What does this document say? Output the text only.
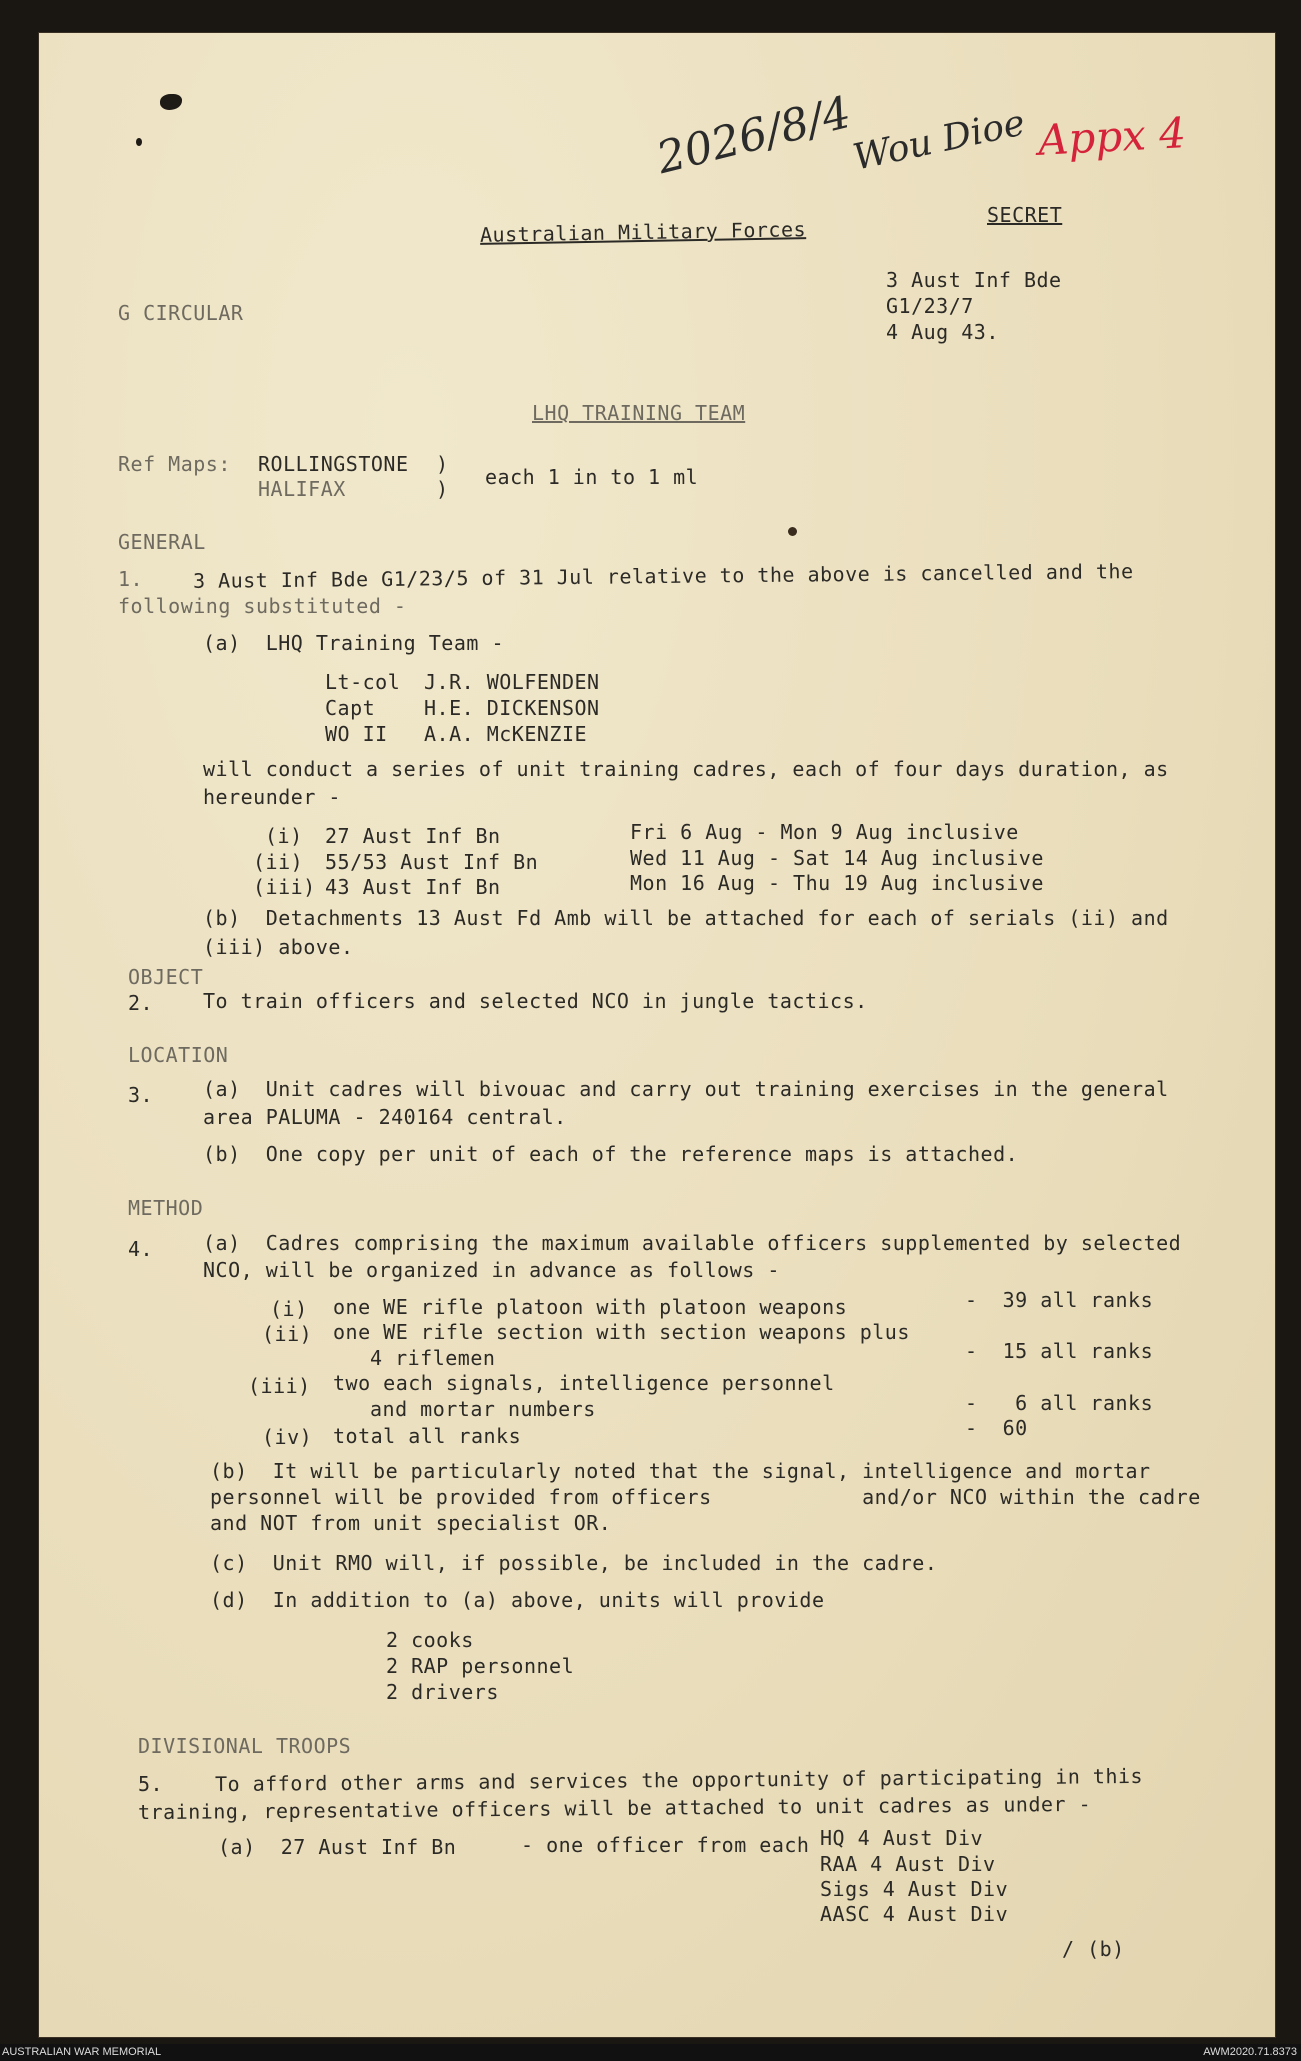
2026/8/4
Wou Dioe Appx 4
Australian Military Forces
SECRET
G CIRCULAR
3 Aust Inf Bde
G1/23/7
4 Aug 43.
LHQ TRAINING TEAM
Ref Maps: ROLLINGSTONE
HALIFAX
)
) each 1 in to 1 ml
GENERAL
1. 3 Aust Inf Bde G1/23/5 of 31 Jul relative to the above is cancelled and the
following substituted -
(a)  LHQ Training Team -
Lt-col J.R. WOLFENDEN
Capt H.E. DICKENSON
WO II A.A. McKENZIE
will conduct a series of unit training cadres, each of four days duration, as
hereunder -
(i) 27 Aust Inf Bn	Fri 6 Aug - Mon 9 Aug inclusive
(ii) 55/53 Aust Inf Bn	Wed 11 Aug - Sat 14 Aug inclusive
(iii) 43 Aust Inf Bn	Mon 16 Aug - Thu 19 Aug inclusive
(b)  Detachments 13 Aust Fd Amb will be attached for each of serials (ii) and
(iii) above.
OBJECT
2. To train officers and selected NCO in jungle tactics.
LOCATION
3. (a)  Unit cadres will bivouac and carry out training exercises in the general
area PALUMA - 240164 central.
(b)  One copy per unit of each of the reference maps is attached.
METHOD
4. (a)  Cadres comprising the maximum available officers supplemented by selected
NCO, will be organized in advance as follows -
(i) one WE rifle platoon with platoon weapons	-  39 all ranks
(ii) one WE rifle section with section weapons plus
4 riflemen	-  15 all ranks
(iii) two each signals, intelligence personnel
and mortar numbers	-   6 all ranks
(iv) total all ranks	-  60
(b)  It will be particularly noted that the signal, intelligence and mortar
personnel will be provided from officers            and/or NCO within the cadre
and NOT from unit specialist OR.
(c)  Unit RMO will, if possible, be included in the cadre.
(d)  In addition to (a) above, units will provide
2 cooks
2 RAP personnel
2 drivers
DIVISIONAL TROOPS
5.	To afford other arms and services the opportunity of participating in this
training, representative officers will be attached to unit cadres as under -
(a)  27 Aust Inf Bn	- one officer from each HQ 4 Aust Div
RAA 4 Aust Div
Sigs 4 Aust Div
AASC 4 Aust Div
/ (b)
AUSTRALIAN WAR MEMORIAL	AWM2020.71.8373
